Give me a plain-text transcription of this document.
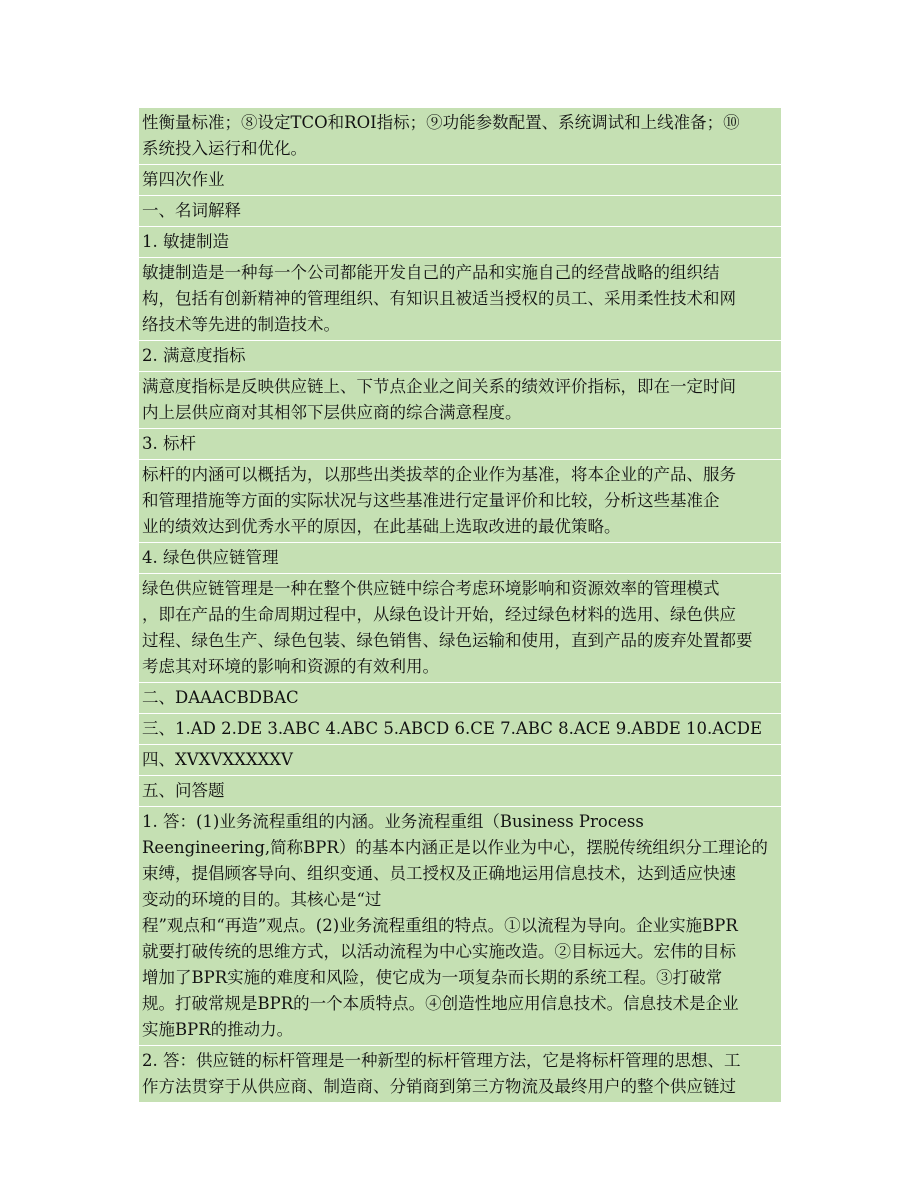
性衡量标准；⑧设定TCO和ROI指标；⑨功能参数配置、系统调试和上线准备；⑩
系统投入运行和优化。
第四次作业
一、名词解释
1. 敏捷制造
敏捷制造是一种每一个公司都能开发自己的产品和实施自己的经营战略的组织结
构，包括有创新精神的管理组织、有知识且被适当授权的员工、采用柔性技术和网
络技术等先进的制造技术。
2. 满意度指标
满意度指标是反映供应链上、下节点企业之间关系的绩效评价指标，即在一定时间
内上层供应商对其相邻下层供应商的综合满意程度。
3. 标杆
标杆的内涵可以概括为，以那些出类拔萃的企业作为基准，将本企业的产品、服务
和管理措施等方面的实际状况与这些基准进行定量评价和比较，分析这些基准企
业的绩效达到优秀水平的原因，在此基础上选取改进的最优策略。
4. 绿色供应链管理
绿色供应链管理是一种在整个供应链中综合考虑环境影响和资源效率的管理模式
，即在产品的生命周期过程中，从绿色设计开始，经过绿色材料的选用、绿色供应
过程、绿色生产、绿色包装、绿色销售、绿色运输和使用，直到产品的废弃处置都要
考虑其对环境的影响和资源的有效利用。
二、DAAACBDBAC
三、1.AD 2.DE 3.ABC 4.ABC 5.ABCD 6.CE 7.ABC 8.ACE 9.ABDE 10.ACDE
四、XVXVXXXXXV
五、问答题
1. 答：(1)业务流程重组的内涵。业务流程重组（Business Process
Reengineering,简称BPR）的基本内涵正是以作业为中心，摆脱传统组织分工理论的
束缚，提倡顾客导向、组织变通、员工授权及正确地运用信息技术，达到适应快速
变动的环境的目的。其核心是“过
程”观点和“再造”观点。(2)业务流程重组的特点。①以流程为导向。企业实施BPR
就要打破传统的思维方式，以活动流程为中心实施改造。②目标远大。宏伟的目标
增加了BPR实施的难度和风险，使它成为一项复杂而长期的系统工程。③打破常
规。打破常规是BPR的一个本质特点。④创造性地应用信息技术。信息技术是企业
实施BPR的推动力。
2. 答：供应链的标杆管理是一种新型的标杆管理方法，它是将标杆管理的思想、工
作方法贯穿于从供应商、制造商、分销商到第三方物流及最终用户的整个供应链过
